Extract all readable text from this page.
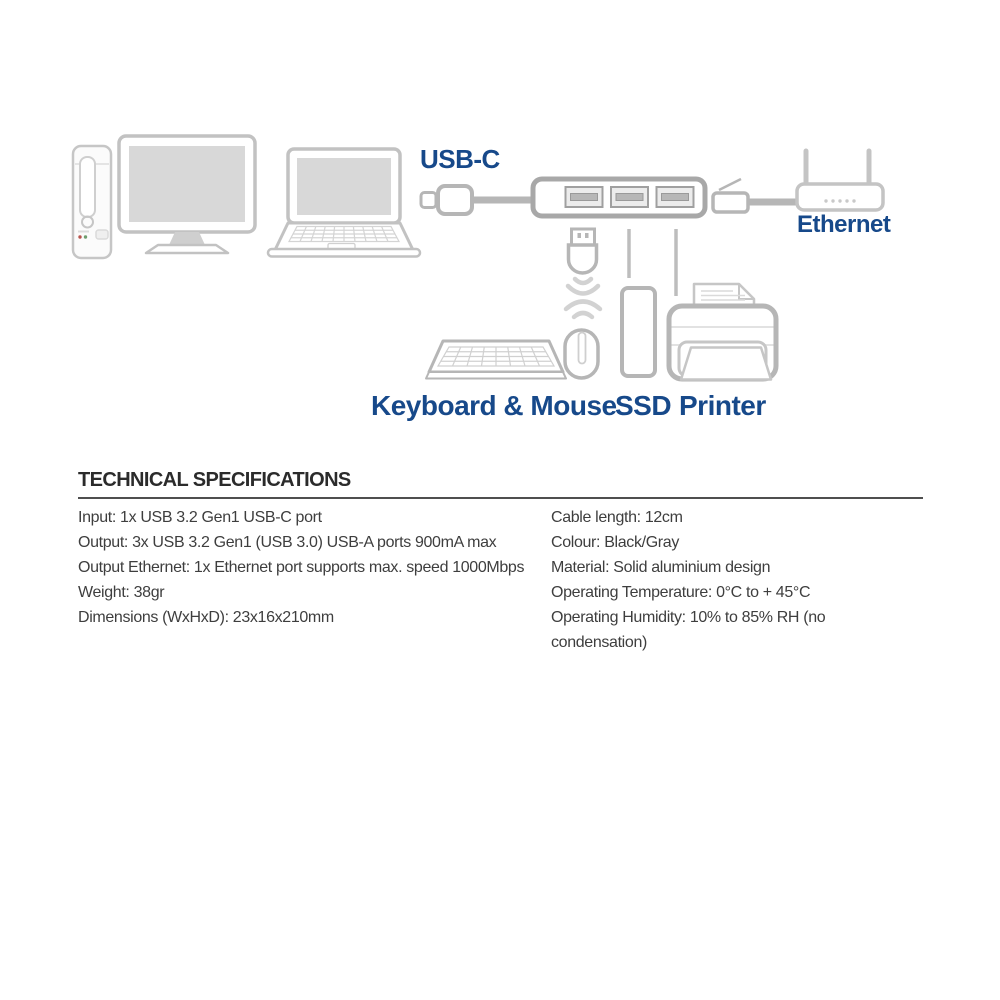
USB-C
Ethernet
Keyboard & Mouse
SSD Printer
TECHNICAL SPECIFICATIONS
Input: 1x USB 3.2 Gen1 USB-C port
Output: 3x USB 3.2 Gen1 (USB 3.0) USB-A ports 900mA max
Output Ethernet: 1x Ethernet port supports max. speed 1000Mbps
Weight: 38gr
Dimensions (WxHxD): 23x16x210mm
Cable length: 12cm
Colour: Black/Gray
Material: Solid aluminium design
Operating Temperature: 0°C to + 45°C
Operating Humidity: 10% to 85% RH (no condensation)
